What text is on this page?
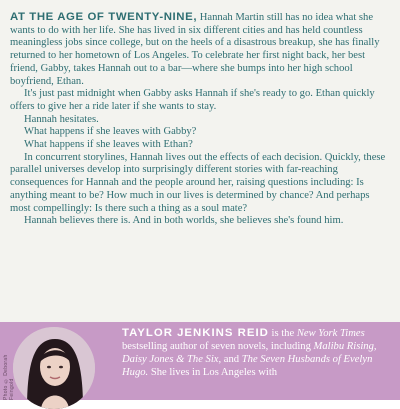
AT THE AGE OF TWENTY-NINE, Hannah Martin still has no idea what she wants to do with her life. She has lived in six different cities and has held countless meaningless jobs since college, but on the heels of a disastrous breakup, she has finally returned to her hometown of Los Angeles. To celebrate her first night back, her best friend, Gabby, takes Hannah out to a bar—where she bumps into her high school boyfriend, Ethan.

It's just past midnight when Gabby asks Hannah if she's ready to go. Ethan quickly offers to give her a ride later if she wants to stay.

Hannah hesitates.

What happens if she leaves with Gabby?

What happens if she leaves with Ethan?

In concurrent storylines, Hannah lives out the effects of each decision. Quickly, these parallel universes develop into surprisingly different stories with far-reaching consequences for Hannah and the people around her, raising questions including: Is anything meant to be? How much in our lives is determined by chance? And perhaps most compellingly: Is there such a thing as a soul mate?

Hannah believes there is. And in both worlds, she believes she's found him.

TAYLOR JENKINS REID is the New York Times bestselling author of seven novels, including Malibu Rising, Daisy Jones & The Six, and The Seven Husbands of Evelyn Hugo. She lives in Los Angeles with
Photo © Deborah Feingold
